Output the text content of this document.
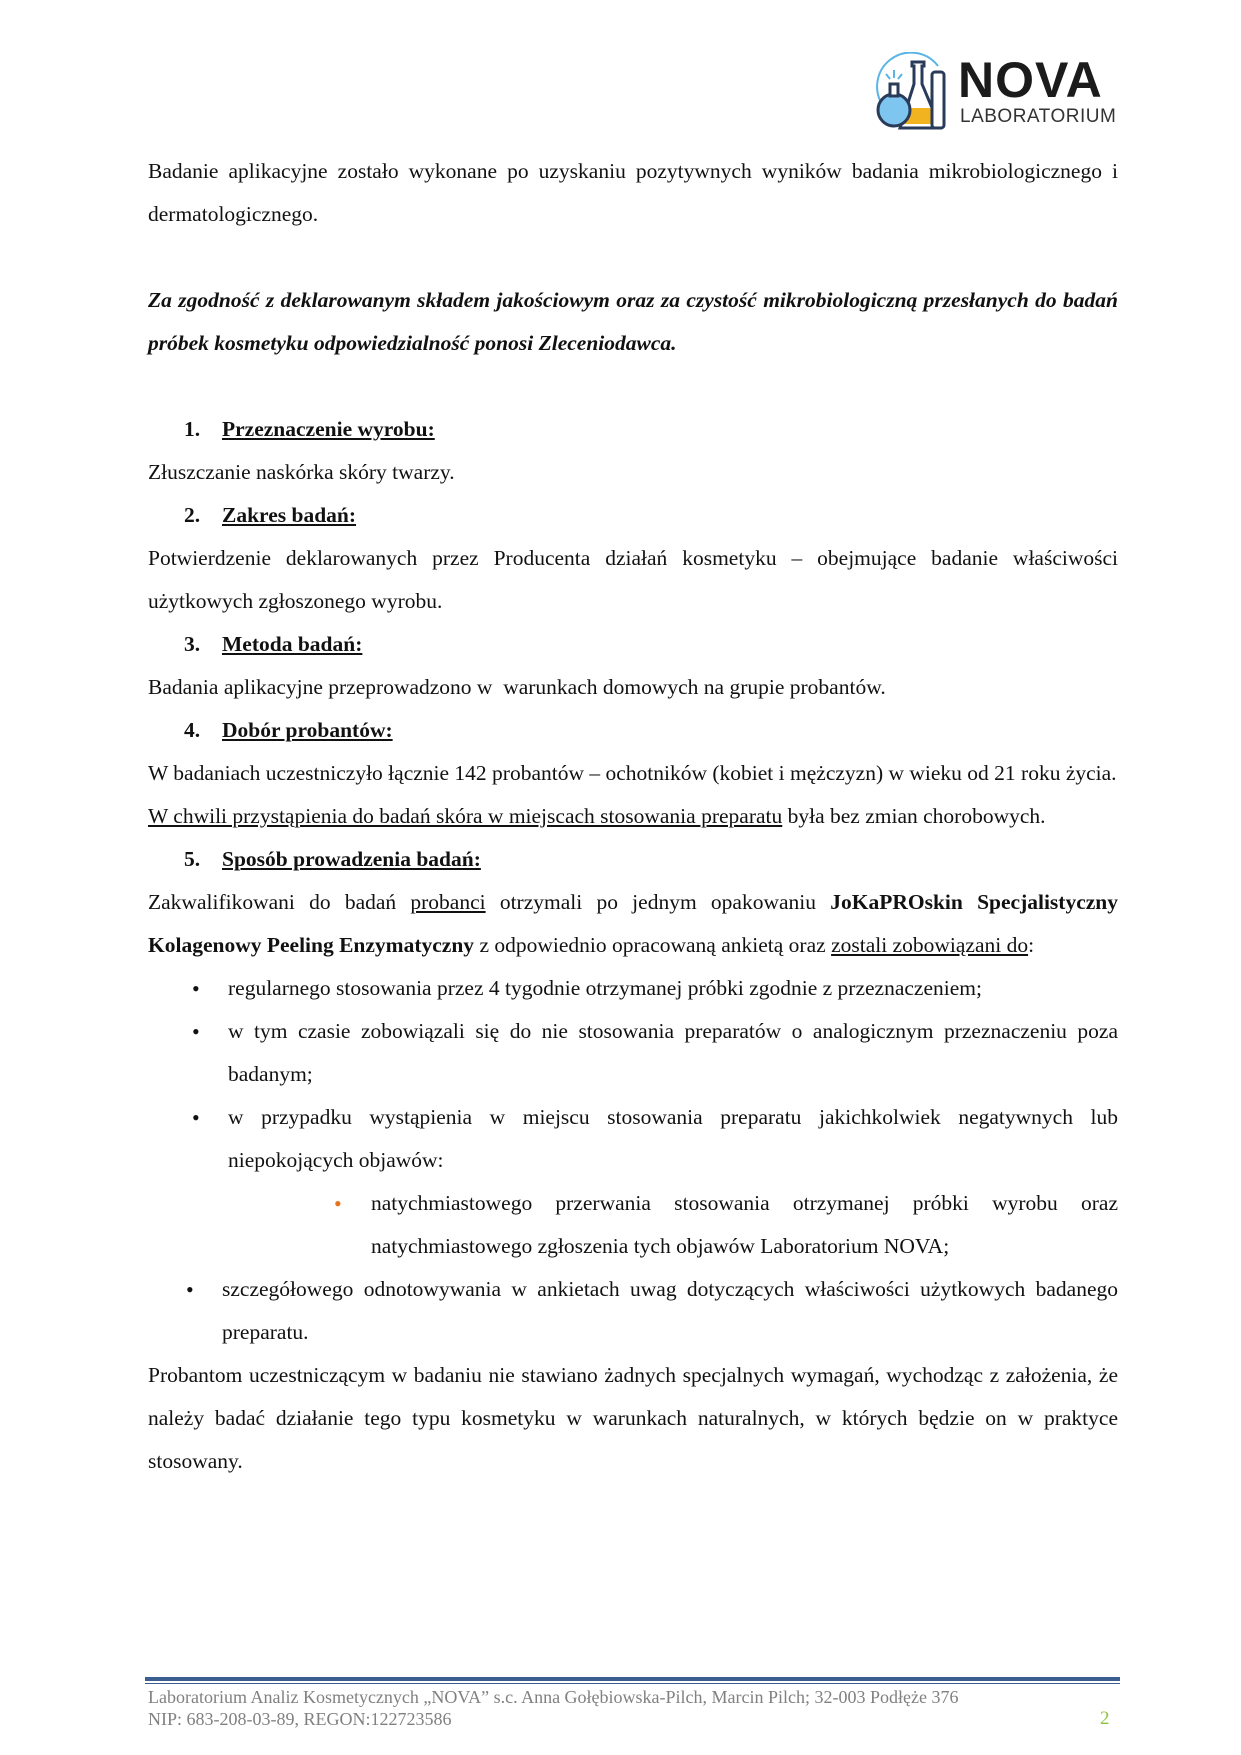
NOVA
LABORATORIUM

Badanie aplikacyjne zostało wykonane po uzyskaniu pozytywnych wyników badania mikrobiologicznego i dermatologicznego.

Za zgodność z deklarowanym składem jakościowym oraz za czystość mikrobiologiczną przesłanych do badań próbek kosmetyku odpowiedzialność ponosi Zleceniodawca.

1. Przeznaczenie wyrobu:

Złuszczanie naskórka skóry twarzy.

2. Zakres badań:

Potwierdzenie deklarowanych przez Producenta działań kosmetyku – obejmujące badanie właściwości użytkowych zgłoszonego wyrobu.

3. Metoda badań:

Badania aplikacyjne przeprowadzono w  warunkach domowych na grupie probantów.

4. Dobór probantów:

W badaniach uczestniczyło łącznie 142 probantów – ochotników (kobiet i mężczyzn) w wieku od 21 roku życia.

W chwili przystąpienia do badań skóra w miejscach stosowania preparatu była bez zmian chorobowych.

5. Sposób prowadzenia badań:

Zakwalifikowani do badań probanci otrzymali po jednym opakowaniu JoKaPROskin Specjalistyczny Kolagenowy Peeling Enzymatyczny z odpowiednio opracowaną ankietą oraz zostali zobowiązani do:

• regularnego stosowania przez 4 tygodnie otrzymanej próbki zgodnie z przeznaczeniem;
• w tym czasie zobowiązali się do nie stosowania preparatów o analogicznym przeznaczeniu poza badanym;
• w przypadku wystąpienia w miejscu stosowania preparatu jakichkolwiek negatywnych lub niepokojących objawów:
• natychmiastowego przerwania stosowania otrzymanej próbki wyrobu oraz natychmiastowego zgłoszenia tych objawów Laboratorium NOVA;
• szczegółowego odnotowywania w ankietach uwag dotyczących właściwości użytkowych badanego preparatu.

Probantom uczestniczącym w badaniu nie stawiano żadnych specjalnych wymagań, wychodząc z założenia, że należy badać działanie tego typu kosmetyku w warunkach naturalnych, w których będzie on w praktyce stosowany.

Laboratorium Analiz Kosmetycznych „NOVA” s.c. Anna Gołębiowska-Pilch, Marcin Pilch; 32-003 Podłęże 376
NIP: 683-208-03-89, REGON:122723586	2
